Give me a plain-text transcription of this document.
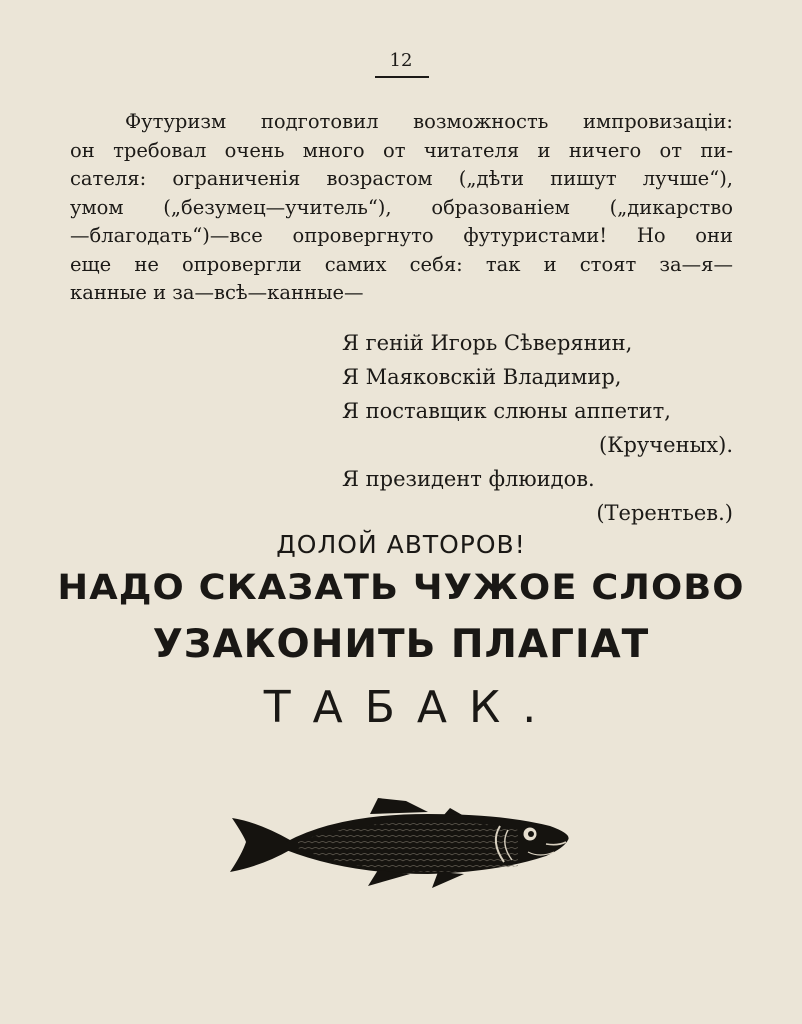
12
Футуризм подготовил возможность импровизаціи:
он требовал очень много от читателя и ничего от пи-
сателя: ограниченія возрастом („дѣти пишут лучше“),
умом („безумец—учитель“), образованіем („дикарство
—благодать“)—все опровергнуто футуристами! Но они
еще не опровергли самих себя: так и стоят за—я—
канные и за—всѣ—канные—
Я геній Игорь Сѣверянин,
Я Маяковскій Владимир,
Я поставщик слюны аппетит,
(Крученых).
Я президент флюидов.
(Терентьев.)
ДОЛОЙ АВТОРОВ!
НАДО СКАЗАТЬ ЧУЖОЕ СЛОВО
УЗАКОНИТЬ ПЛАГІАТ
ТАБАК.
